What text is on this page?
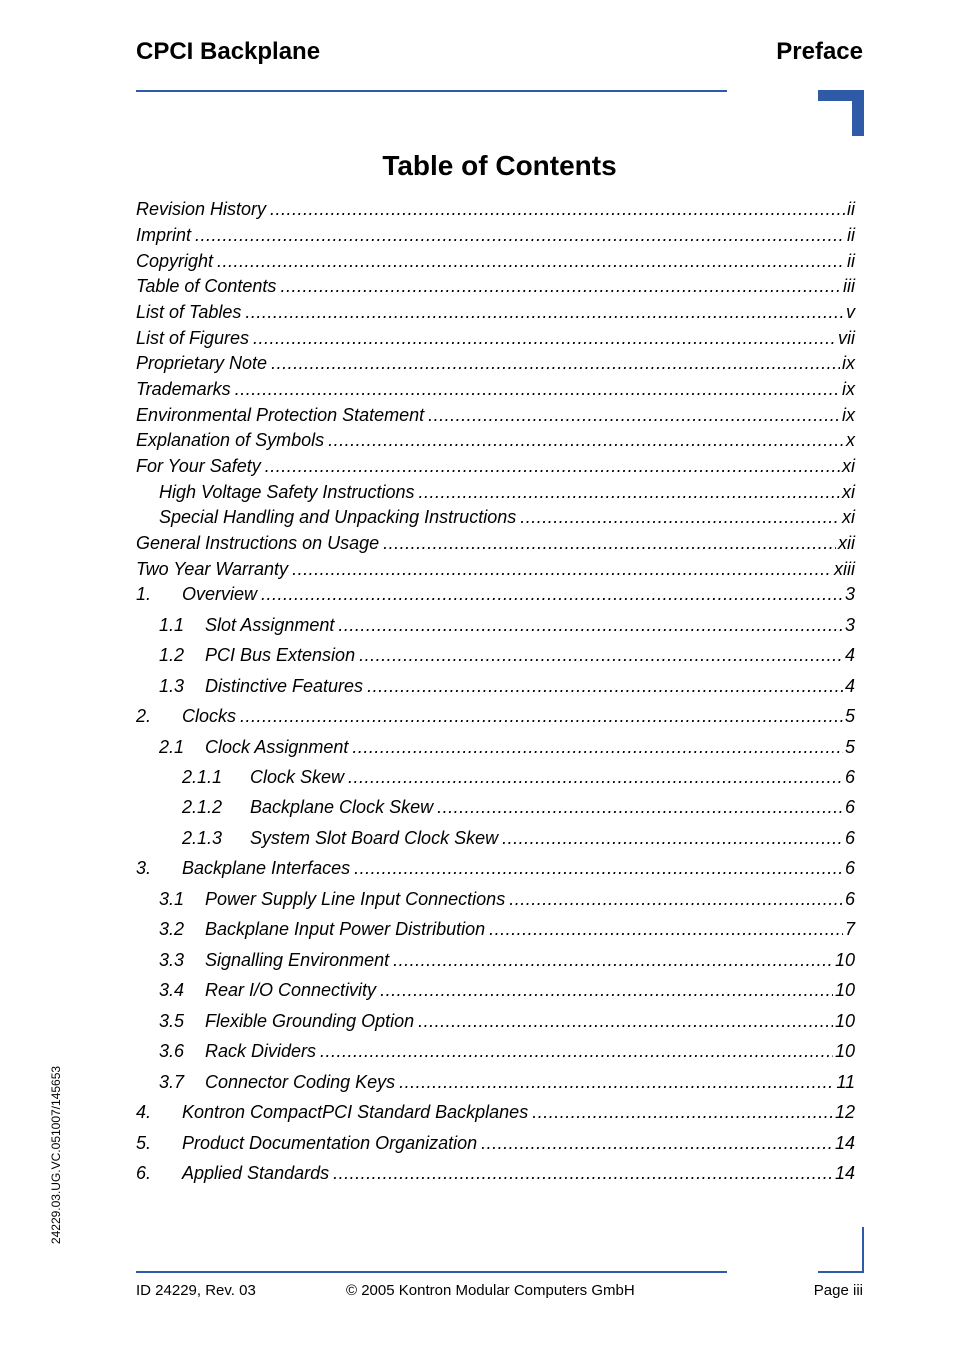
CPCI Backplane	Preface
Table of Contents
Revision History .....	ii
Imprint .....	ii
Copyright .....	ii
Table of Contents .....	iii
List of Tables .....	v
List of Figures .....	vii
Proprietary Note .....	ix
Trademarks .....	ix
Environmental Protection Statement .....	ix
Explanation of Symbols .....	x
For Your Safety .....	xi
High Voltage Safety Instructions .....	xi
Special Handling and Unpacking Instructions .....	xi
General Instructions on Usage .....	xii
Two Year Warranty .....	xiii
1.	Overview .....	3
1.1	Slot Assignment .....	3
1.2	PCI Bus Extension .....	4
1.3	Distinctive Features .....	4
2.	Clocks .....	5
2.1	Clock Assignment .....	5
2.1.1	Clock Skew .....	6
2.1.2	Backplane Clock Skew .....	6
2.1.3	System Slot Board Clock Skew .....	6
3.	Backplane Interfaces .....	6
3.1	Power Supply Line Input Connections .....	6
3.2	Backplane Input Power Distribution .....	7
3.3	Signalling Environment .....	10
3.4	Rear I/O Connectivity .....	10
3.5	Flexible Grounding Option .....	10
3.6	Rack Dividers .....	10
3.7	Connector Coding Keys .....	11
4.	Kontron CompactPCI Standard Backplanes .....	12
5.	Product Documentation Organization .....	14
6.	Applied Standards .....	14
24229.03.UG.VC.051007/145653
ID 24229, Rev. 03	© 2005 Kontron Modular Computers GmbH	Page iii
